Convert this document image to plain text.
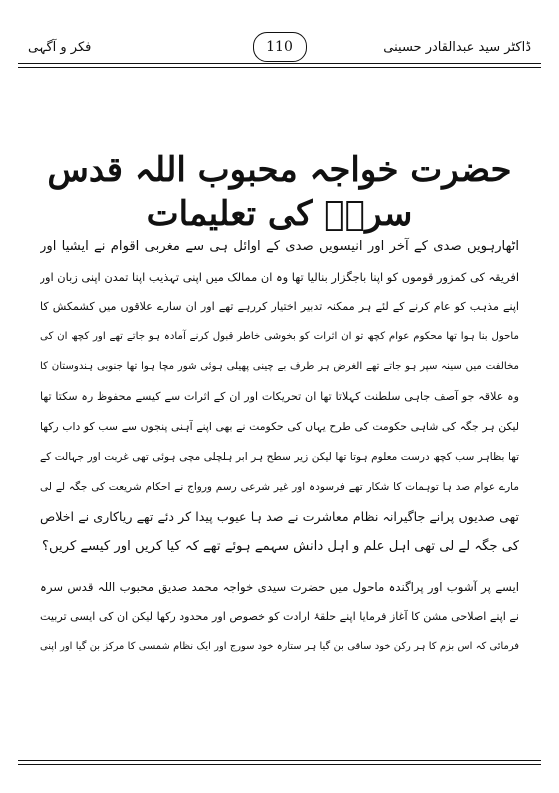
فکر و آگہی	110	ڈاکٹر سید عبدالقادر حسینی
حضرت خواجہ محبوب اللہ قدس سرہٗ کی تعلیمات
اٹھارہویں صدی کے آخر اور انیسویں صدی کے اوائل ہی سے مغربی اقوام نے ایشیا اور
افریقہ کی کمزور قوموں کو اپنا باجگزار بنالیا تھا وہ ان ممالک میں اپنی تہذیب اپنا تمدن اپنی زبان اور
اپنے مذہب کو عام کرنے کے لئے ہر ممکنہ تدبیر اختیار کررہے تھے اور ان سارے علاقوں میں کشمکش کا
ماحول بنا ہوا تھا محکوم عوام کچھ تو ان اثرات کو بخوشی خاطر قبول کرنے آمادہ ہو جاتے تھے اور کچھ ان کی
مخالفت میں سینہ سپر ہو جاتے تھے الغرض ہر طرف بے چینی پھیلی ہوئی شور مچا ہوا تھا جنوبی ہندوستان کا
وہ علاقہ جو آصف جاہی سلطنت کہلاتا تھا ان تحریکات اور ان کے اثرات سے کیسے محفوظ رہ سکتا تھا
لیکن ہر جگہ کی شاہی حکومت کی طرح یہاں کی حکومت نے بھی اپنے آہنی پنجوں سے سب کو داب رکھا
تھا بظاہر سب کچھ درست معلوم ہوتا تھا لیکن زیر سطح ہر ابر ہلچلی مچی ہوئی تھی غربت اور جہالت کے
مارے عوام صد ہا توہمات کا شکار تھے فرسودہ اور غیر شرعی رسم ورواج نے احکام شریعت کی جگہ لے لی
تھی صدیوں پرانے جاگیرانہ نظام معاشرت نے صد ہا عیوب پیدا کر دئے تھے ریاکاری نے اخلاص
کی جگہ لے لی تھی اہل علم و اہل دانش سہمے ہوئے تھے کہ کیا کریں اور کیسے کریں؟
ایسے پر آشوب اور پراگندہ ماحول میں حضرت سیدی خواجہ محمد صدیق محبوب اللہ قدس سرہ
نے اپنے اصلاحی مشن کا آغاز فرمایا اپنے حلقۂ ارادت کو خصوص اور محدود رکھا لیکن ان کی ایسی تربیت
فرمائی کہ اس بزم کا ہر رکن خود ساقی بن گیا ہر ستارہ خود سورج اور ایک نظام شمسی کا مرکز بن گیا اور اپنی
